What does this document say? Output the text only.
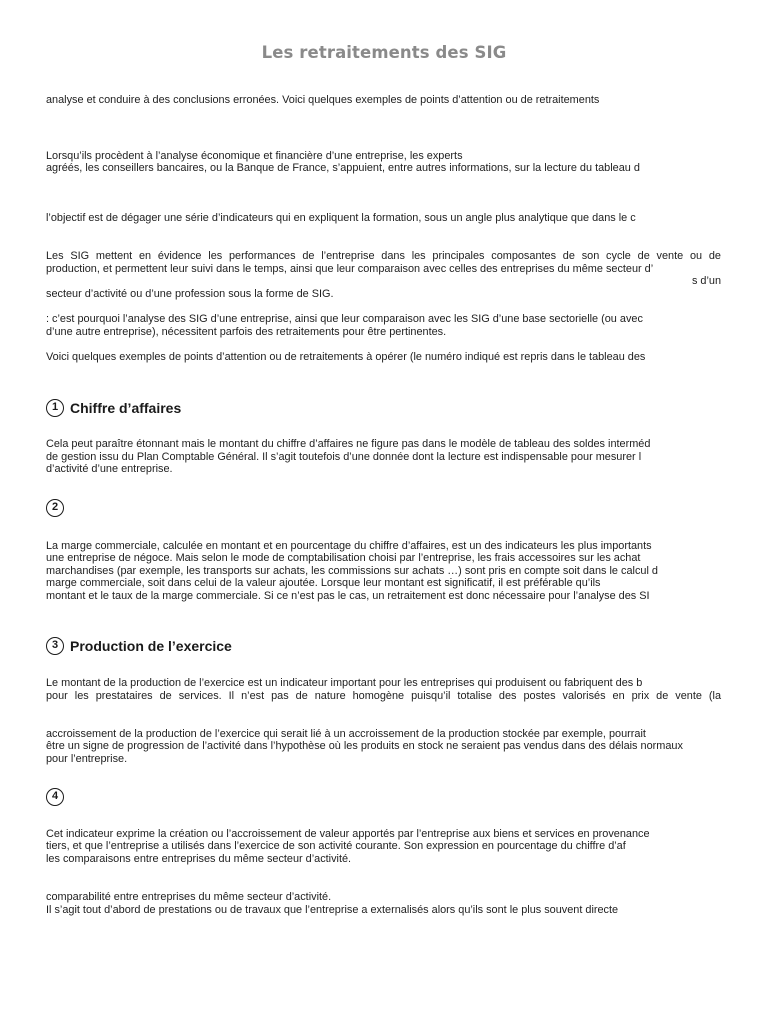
Les retraitements des SIG
analyse et conduire à des conclusions erronées. Voici quelques exemples de points d’attention ou de retraitements
Lorsqu’ils procèdent à l’analyse économique et financière d’une entreprise, les experts
agréés, les conseillers bancaires, ou la Banque de France, s’appuient, entre autres informations, sur la lecture du tableau d
l’objectif est de dégager une série d’indicateurs qui en expliquent la formation, sous un angle plus analytique que dans le c
Les SIG mettent en évidence les performances de l’entreprise dans les principales composantes de son cycle de vente ou de
production, et permettent leur suivi dans le temps, ainsi que leur comparaison avec celles des entreprises du même secteur d’
s d’un
secteur d’activité ou d’une profession sous la forme de SIG.
: c’est pourquoi l’analyse des SIG d’une entreprise, ainsi que leur comparaison avec les SIG d’une base sectorielle (ou avec
d’une autre entreprise), nécessitent parfois des retraitements pour être pertinentes.
Voici quelques exemples de points d’attention ou de retraitements à opérer (le numéro indiqué est repris dans le tableau des
1 Chiffre d’affaires
Cela peut paraître étonnant mais le montant du chiffre d’affaires ne figure pas dans le modèle de tableau des soldes interméd
de gestion issu du Plan Comptable Général. Il s’agit toutefois d’une donnée dont la lecture est indispensable pour mesurer l
d’activité d’une entreprise.
2
La marge commerciale, calculée en montant et en pourcentage du chiffre d’affaires, est un des indicateurs les plus importants
une entreprise de négoce. Mais selon le mode de comptabilisation choisi par l’entreprise, les frais accessoires sur les achat
marchandises (par exemple, les transports sur achats, les commissions sur achats …) sont pris en compte soit dans le calcul d
marge commerciale, soit dans celui de la valeur ajoutée. Lorsque leur montant est significatif, il est préférable qu’ils
montant et le taux de la marge commerciale. Si ce n’est pas le cas, un retraitement est donc nécessaire pour l’analyse des SI
3 Production de l’exercice
Le montant de la production de l’exercice est un indicateur important pour les entreprises qui produisent ou fabriquent des b
pour les prestataires de services. Il n’est pas de nature homogène puisqu’il totalise des postes valorisés en prix de vente (la
accroissement de la production de l’exercice qui serait lié à un accroissement de la production stockée par exemple, pourrait
être un signe de progression de l’activité dans l’hypothèse où les produits en stock ne seraient pas vendus dans des délais normaux
pour l’entreprise.
4
Cet indicateur exprime la création ou l’accroissement de valeur apportés par l’entreprise aux biens et services en provenance
tiers, et que l’entreprise a utilisés dans l’exercice de son activité courante. Son expression en pourcentage du chiffre d’af
les comparaisons entre entreprises du même secteur d’activité.
comparabilité entre entreprises du même secteur d’activité.
Il s’agit tout d’abord de prestations ou de travaux que l’entreprise a externalisés alors qu’ils sont le plus souvent directe
